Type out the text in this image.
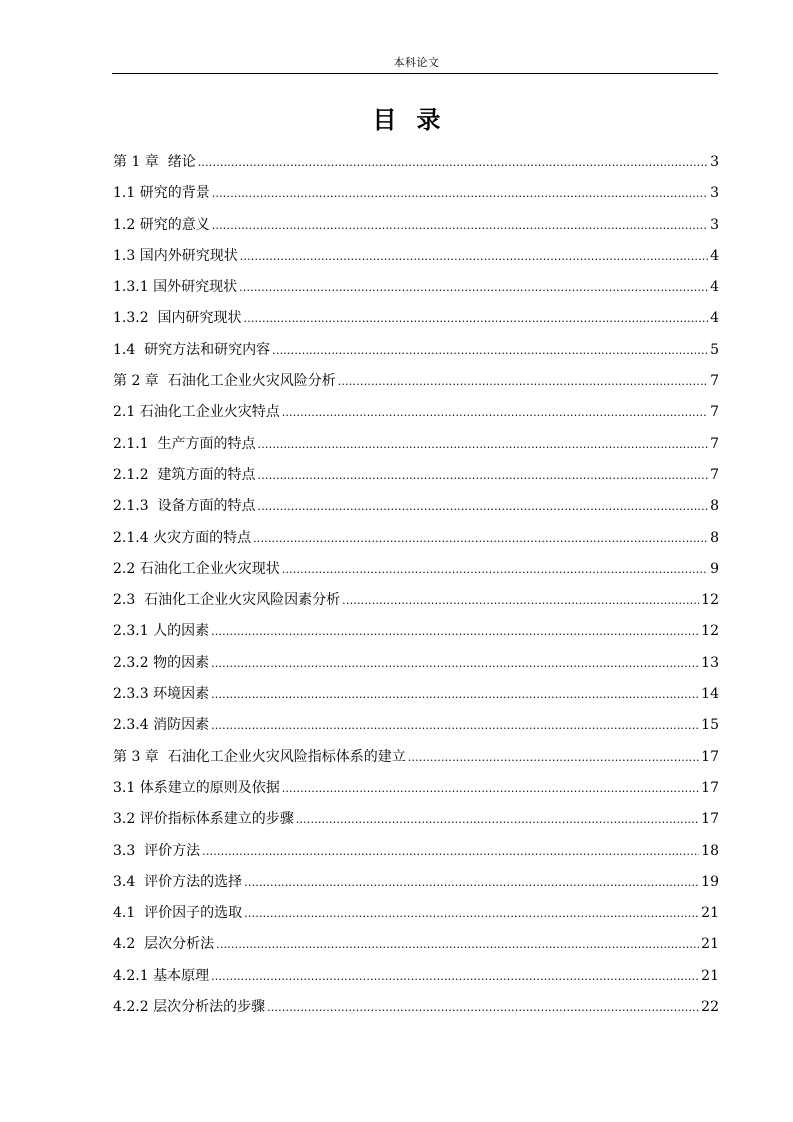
本科论文
目录
第 1 章  绪论 .....	3
1.1 研究的背景 .....	3
1.2 研究的意义 .....	3
1.3 国内外研究现状 .....	4
1.3.1 国外研究现状 .....	4
1.3.2  国内研究现状 .....	4
1.4  研究方法和研究内容 .....	5
第 2 章  石油化工企业火灾风险分析 .....	7
2.1 石油化工企业火灾特点 .....	7
2.1.1  生产方面的特点 .....	7
2.1.2  建筑方面的特点 .....	7
2.1.3  设备方面的特点 .....	8
2.1.4 火灾方面的特点 .....	8
2.2 石油化工企业火灾现状 .....	9
2.3  石油化工企业火灾风险因素分析 .....	12
2.3.1 人的因素 .....	12
2.3.2 物的因素 .....	13
2.3.3 环境因素 .....	14
2.3.4 消防因素 .....	15
第 3 章  石油化工企业火灾风险指标体系的建立 .....	17
3.1 体系建立的原则及依据 .....	17
3.2 评价指标体系建立的步骤 .....	17
3.3  评价方法 .....	18
3.4  评价方法的选择 .....	19
4.1  评价因子的选取 .....	21
4.2  层次分析法 .....	21
4.2.1 基本原理 .....	21
4.2.2 层次分析法的步骤 .....	22
